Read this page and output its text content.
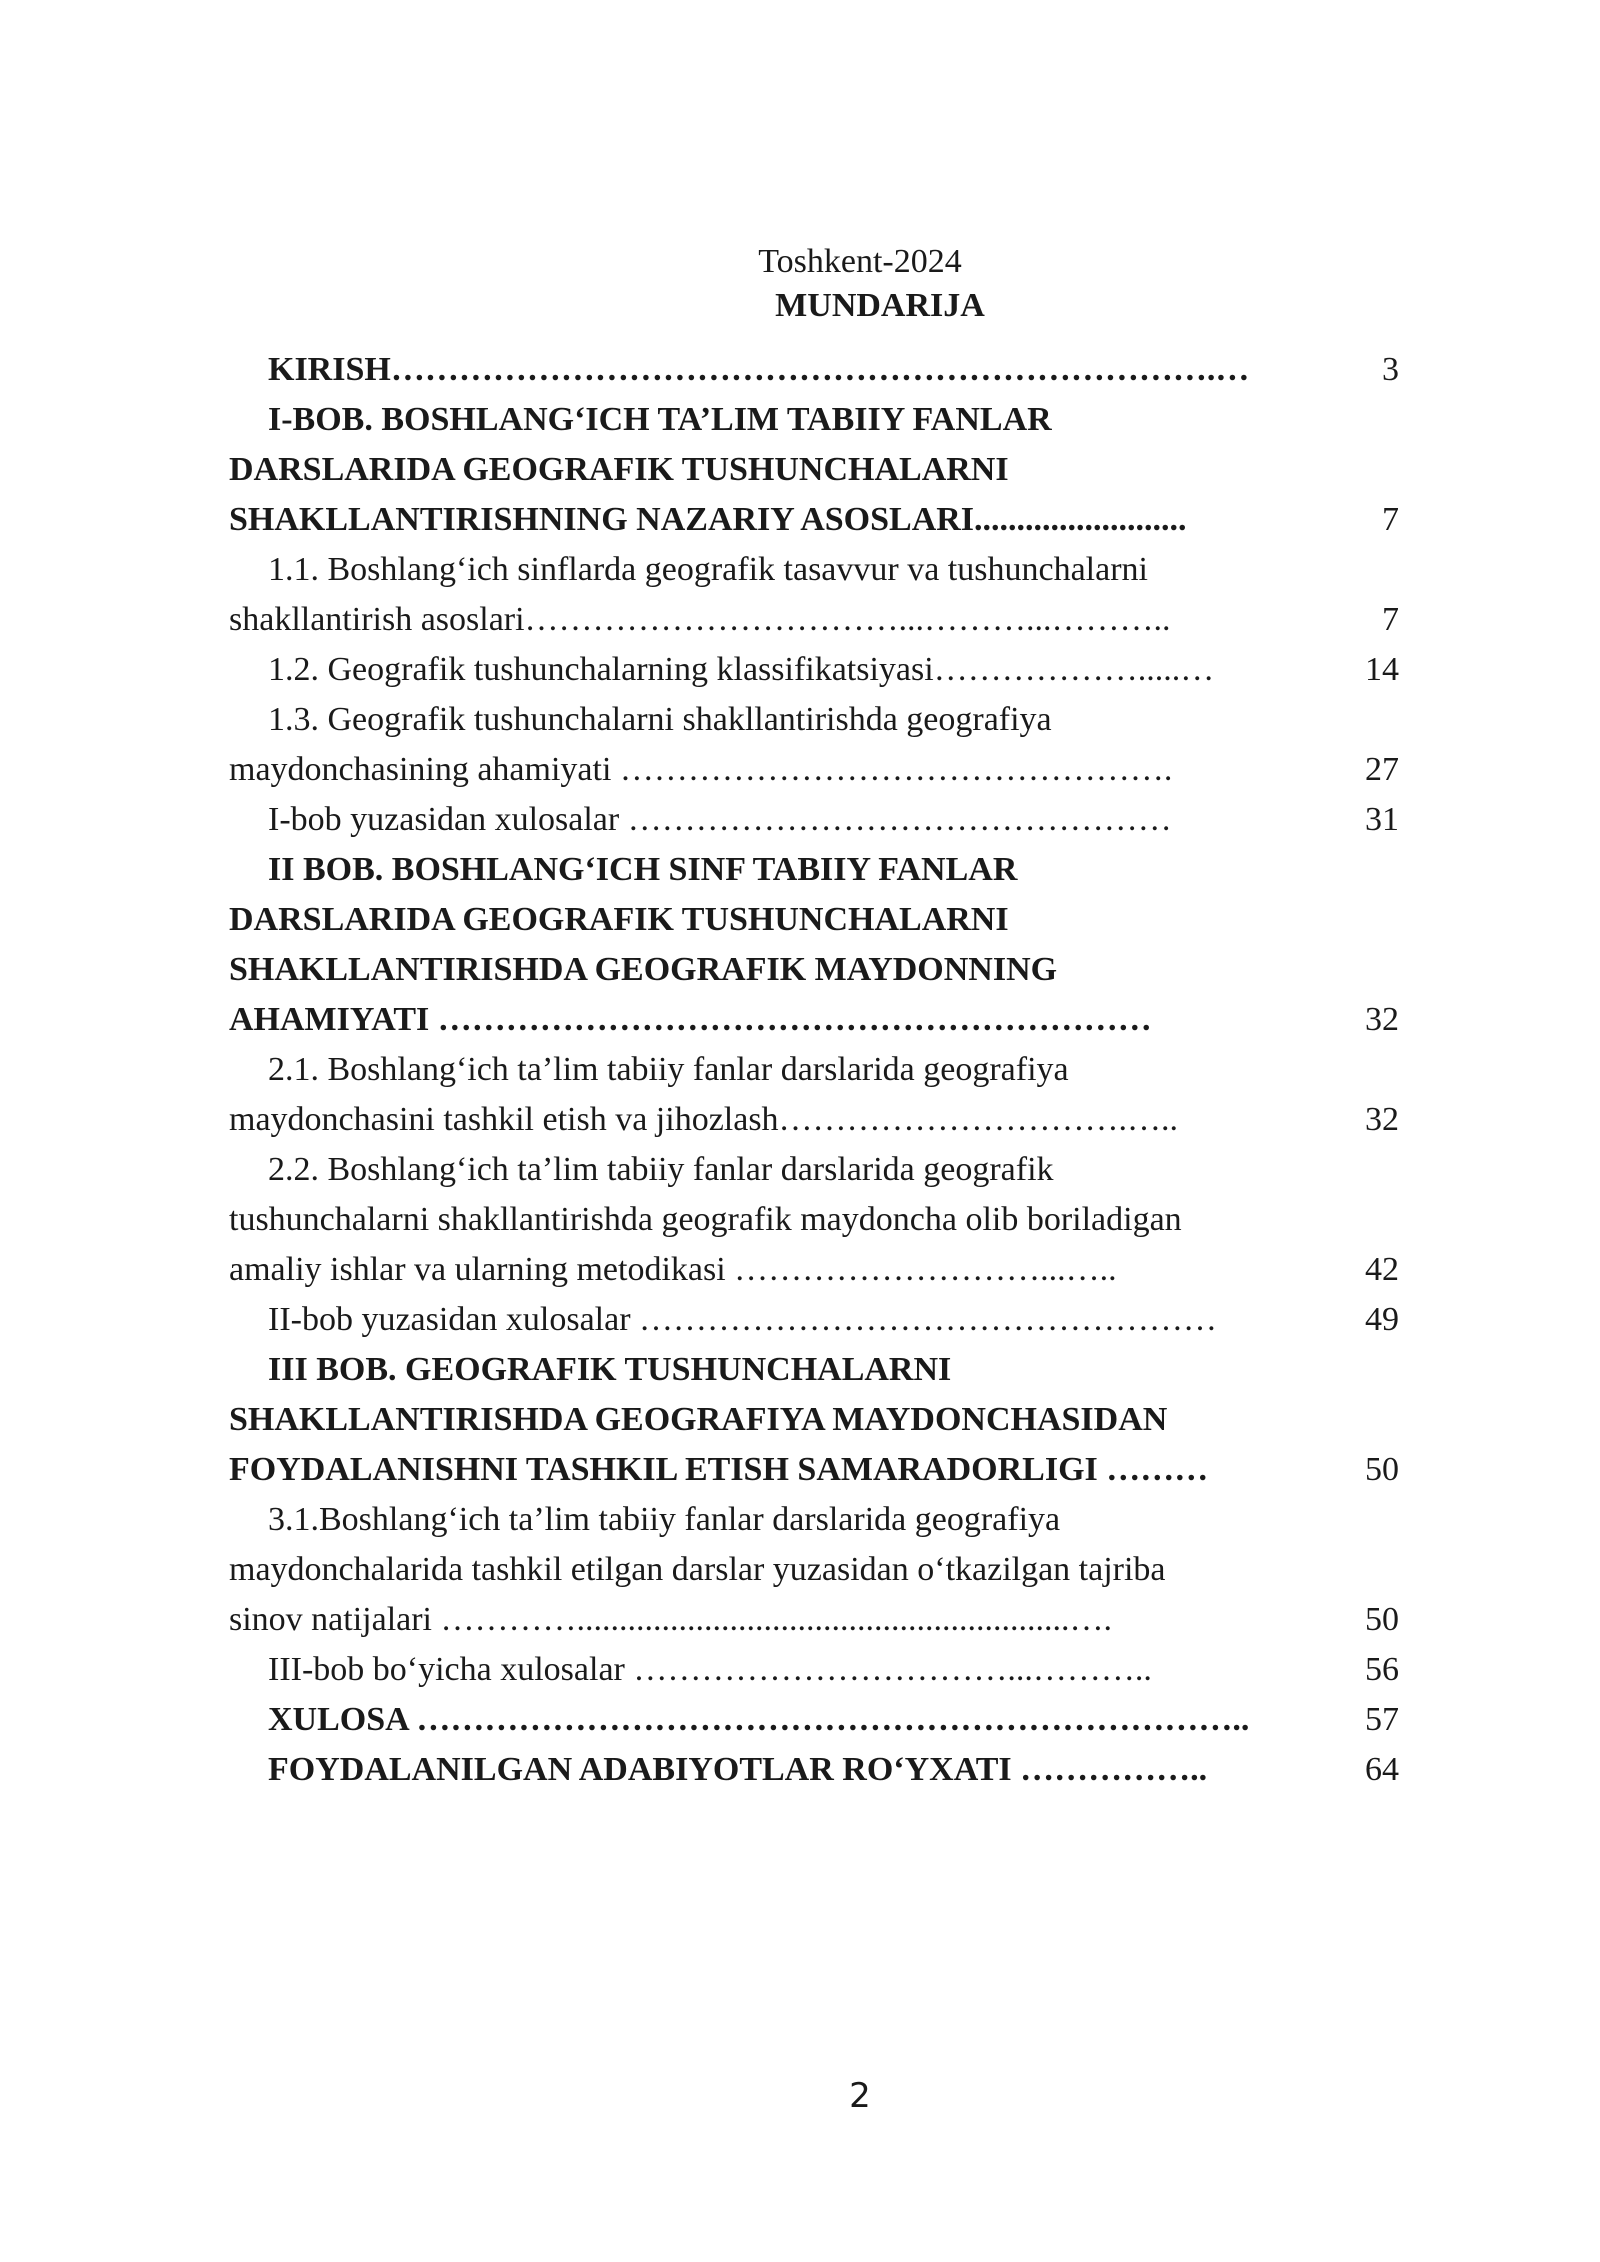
Toshkent-2024
MUNDARIJA
KIRISH……………………………………………………………….…	3
I-BOB. BOSHLANG‘ICH TA’LIM TABIIY FANLAR
DARSLARIDA GEOGRAFIK TUSHUNCHALARNI
SHAKLLANTIRISHNING NAZARIY ASOSLARI.........................	7
1.1. Boshlang‘ich sinflarda geografik tasavvur va tushunchalarni
shakllantirish asoslari……………………………...………...………..	7
1.2. Geografik tushunchalarning klassifikatsiyasi……………….....…	14
1.3. Geografik tushunchalarni shakllantirishda geografiya
maydonchasining ahamiyati ………………………………………….	27
I-bob yuzasidan xulosalar …………………………………………	31
II BOB. BOSHLANG‘ICH SINF TABIIY FANLAR
DARSLARIDA GEOGRAFIK TUSHUNCHALARNI
SHAKLLANTIRISHDA GEOGRAFIK MAYDONNING
AHAMIYATI ………………………………………………………	32
2.1. Boshlang‘ich ta’lim tabiiy fanlar darslarida geografiya
maydonchasini tashkil etish va jihozlash………………………….…..	32
2.2. Boshlang‘ich ta’lim tabiiy fanlar darslarida geografik
tushunchalarni shakllantirishda geografik maydoncha olib boriladigan
amaliy ishlar va ularning metodikasi ………………………...…..	42
II-bob yuzasidan xulosalar ……………………………………………	49
III BOB. GEOGRAFIK TUSHUNCHALARNI
SHAKLLANTIRISHDA GEOGRAFIYA MAYDONCHASIDAN
FOYDALANISHNI TASHKIL ETISH SAMARADORLIGI ………	50
3.1.Boshlang‘ich ta’lim tabiiy fanlar darslarida geografiya
maydonchalarida tashkil etilgan darslar yuzasidan o‘tkazilgan tajriba
sinov natijalari …………..........................................................….	50
III-bob bo‘yicha xulosalar ……………………………...………..	56
XULOSA ………………………………………………………………..	57
FOYDALANILGAN ADABIYOTLAR RO‘YXATI ……………..	64
2
